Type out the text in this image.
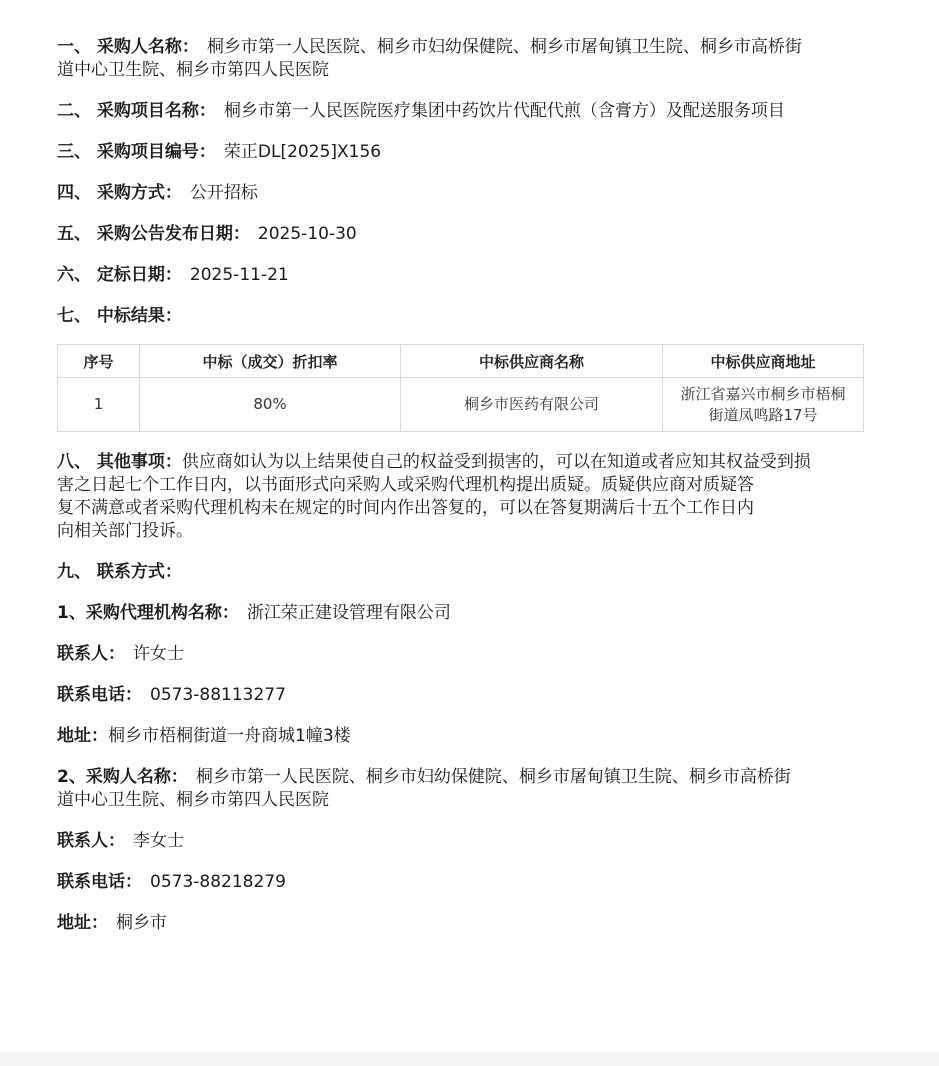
一、 采购人名称： 桐乡市第一人民医院、桐乡市妇幼保健院、桐乡市屠甸镇卫生院、桐乡市高桥街

道中心卫生院、桐乡市第四人民医院

二、 采购项目名称： 桐乡市第一人民医院医疗集团中药饮片代配代煎（含膏方）及配送服务项目

三、 采购项目编号： 荣正DL[2025]X156

四、 采购方式： 公开招标

五、 采购公告发布日期： 2025-10-30

六、 定标日期： 2025-11-21

七、 中标结果：

序号	中标（成交）折扣率	中标供应商名称	中标供应商地址
1	80%	桐乡市医药有限公司	浙江省嘉兴市桐乡市梧桐
街道凤鸣路17号

八、 其他事项：供应商如认为以上结果使自己的权益受到损害的，可以在知道或者应知其权益受到损

害之日起七个工作日内，以书面形式向采购人或采购代理机构提出质疑。质疑供应商对质疑答

复不满意或者采购代理机构未在规定的时间内作出答复的，可以在答复期满后十五个工作日内

向相关部门投诉。

九、 联系方式：

1、采购代理机构名称： 浙江荣正建设管理有限公司

联系人： 许女士

联系电话： 0573-88113277

地址：桐乡市梧桐街道一舟商城1幢3楼

2、采购人名称： 桐乡市第一人民医院、桐乡市妇幼保健院、桐乡市屠甸镇卫生院、桐乡市高桥街

道中心卫生院、桐乡市第四人民医院

联系人： 李女士

联系电话： 0573-88218279

地址： 桐乡市
